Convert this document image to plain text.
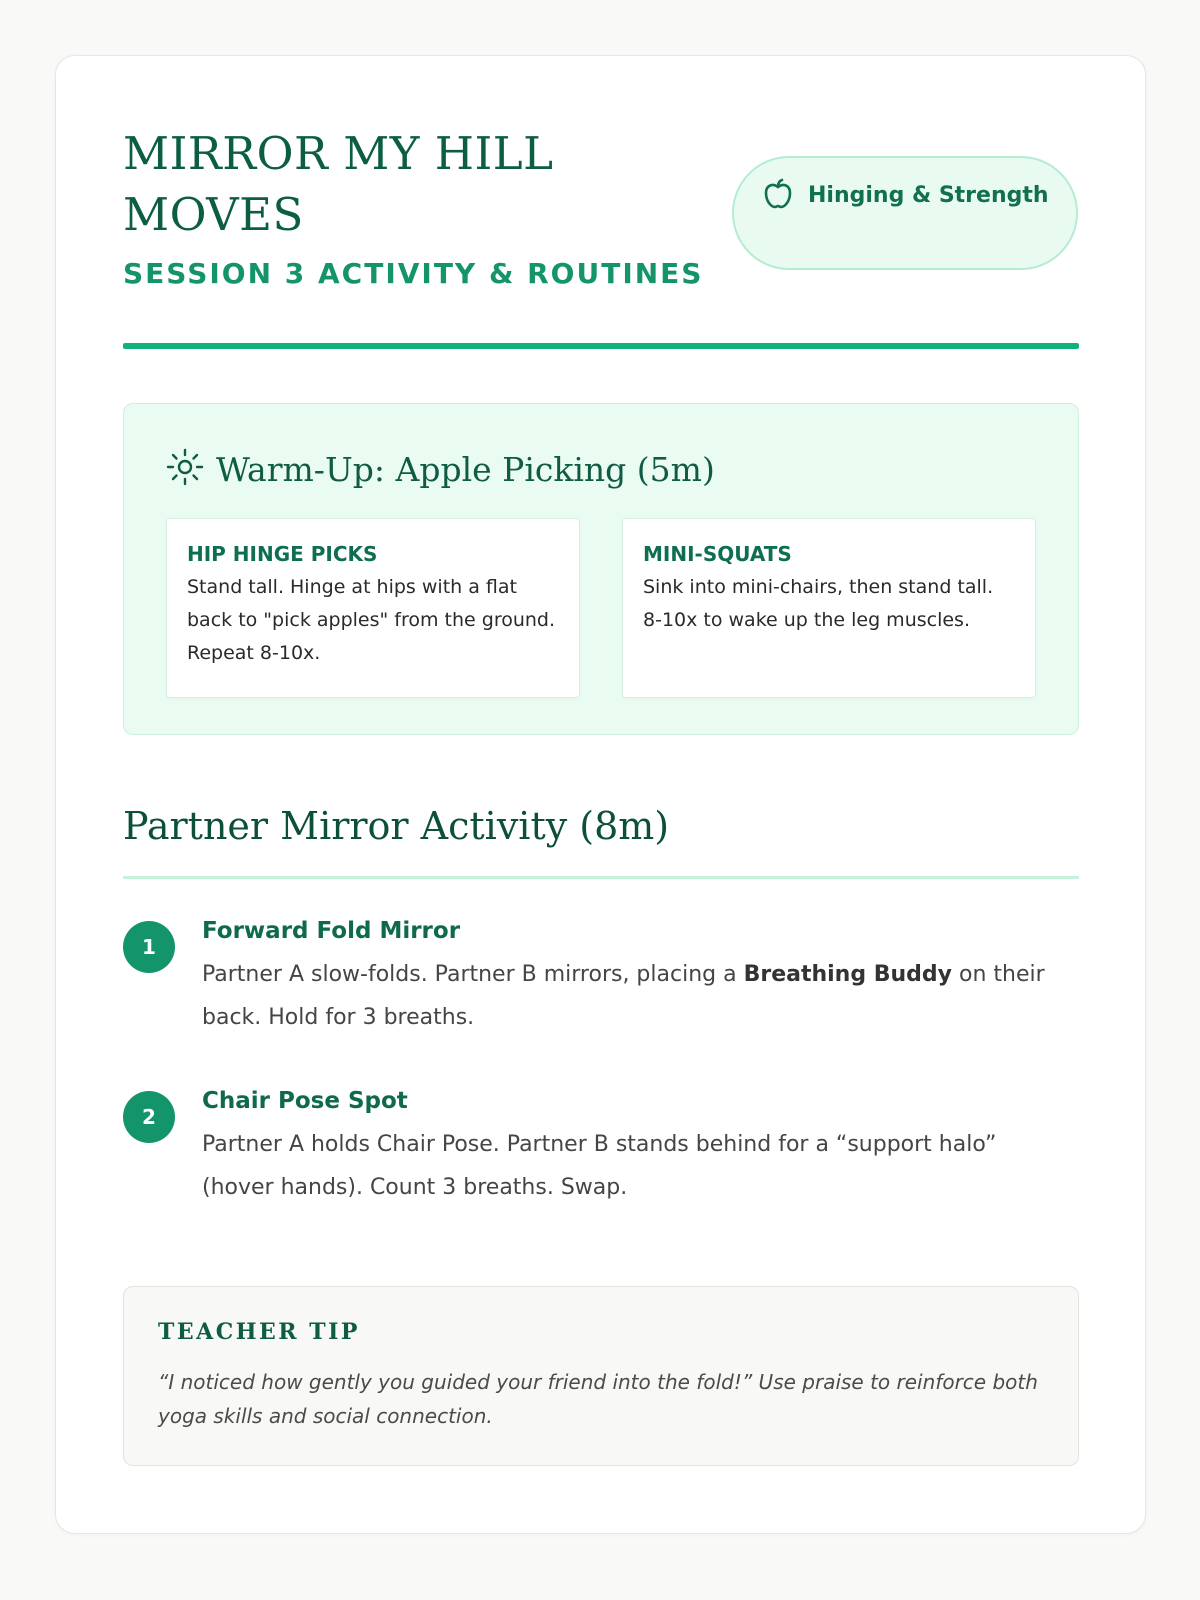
MIRROR MY HILL MOVES
SESSION 3 ACTIVITY & ROUTINES
Hinging & Strength
Warm-Up: Apple Picking (5m)
HIP HINGE PICKS
Stand tall. Hinge at hips with a flat back to "pick apples" from the ground. Repeat 8-10x.
MINI-SQUATS
Sink into mini-chairs, then stand tall. 8-10x to wake up the leg muscles.
Partner Mirror Activity (8m)
1
Forward Fold Mirror
Partner A slow-folds. Partner B mirrors, placing a Breathing Buddy on their back. Hold for 3 breaths.
2
Chair Pose Spot
Partner A holds Chair Pose. Partner B stands behind for a “support halo” (hover hands). Count 3 breaths. Swap.
TEACHER TIP
“I noticed how gently you guided your friend into the fold!” Use praise to reinforce both yoga skills and social connection.
